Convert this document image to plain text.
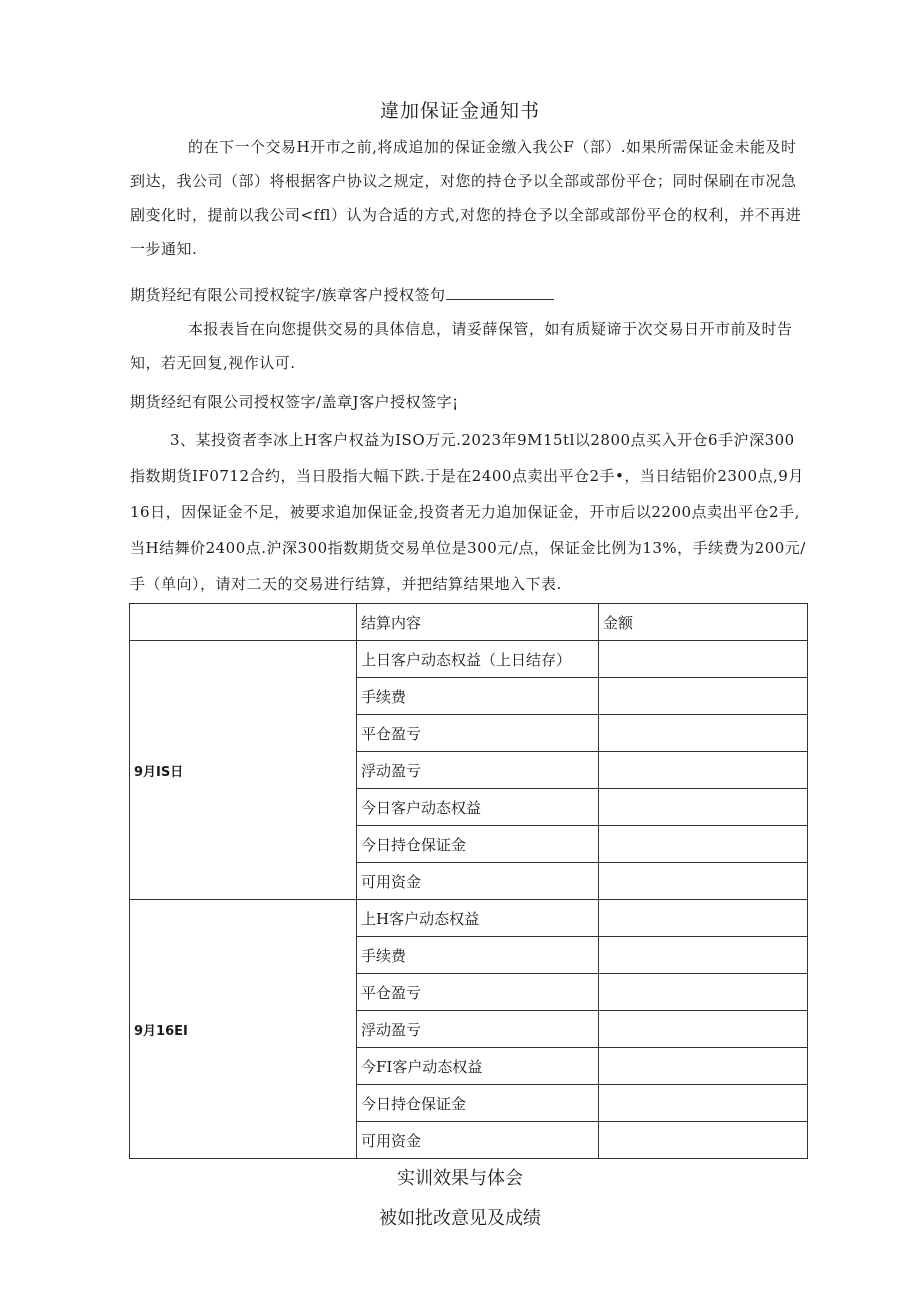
違加保证金通知书
的在下一个交易H开市之前,将成追加的保证金缴入我公F（部）.如果所需保证金未能及时到达，我公司（部）将根据客户协议之规定，对您的持仓予以全部或部份平仓；同时保刷在市况急剧变化时，提前以我公司<ffl）认为合适的方式,对您的持仓予以全部或部份平仓的权利，并不再进一步通知.
期货羟纪有限公司授权锭字/族章客户授权签句
本报表旨在向您提供交易的具体信息，请妥薛保管，如有质疑谛于次交易日开市前及时告知，若无回复,视作认可.
期货经纪有限公司授权签字/盖章J客户授权签字¡
3、某投资者李冰上H客户权益为ISO万元.2023年9M15tl以2800点买入开仓6手沪深300指数期货IF0712合约，当日股指大幅下跌.于是在2400点卖出平仓2手•，当日结铝价2300点,9月16日，因保证金不足，被要求追加保证金,投资者无力追加保证金，开市后以2200点卖出平仓2手,当H结舞价2400点.沪深300指数期货交易单位是300元/点，保证金比例为13%，手续费为200元/手（单向），请对二天的交易进行结算，并把结算结果地入下表.
	结算内容	金额
9月IS日	上日客户动态权益（上日结存）	
	手续费	
	平仓盈亏	
	浮动盈亏	
	今日客户动态权益	
	今日持仓保证金	
	可用资金	
9月16EI	上H客户动态权益	
	手续费	
	平仓盈亏	
	浮动盈亏	
	今FI客户动态权益	
	今日持仓保证金	
	可用资金	
实训效果与体会
被如批改意见及成绩
